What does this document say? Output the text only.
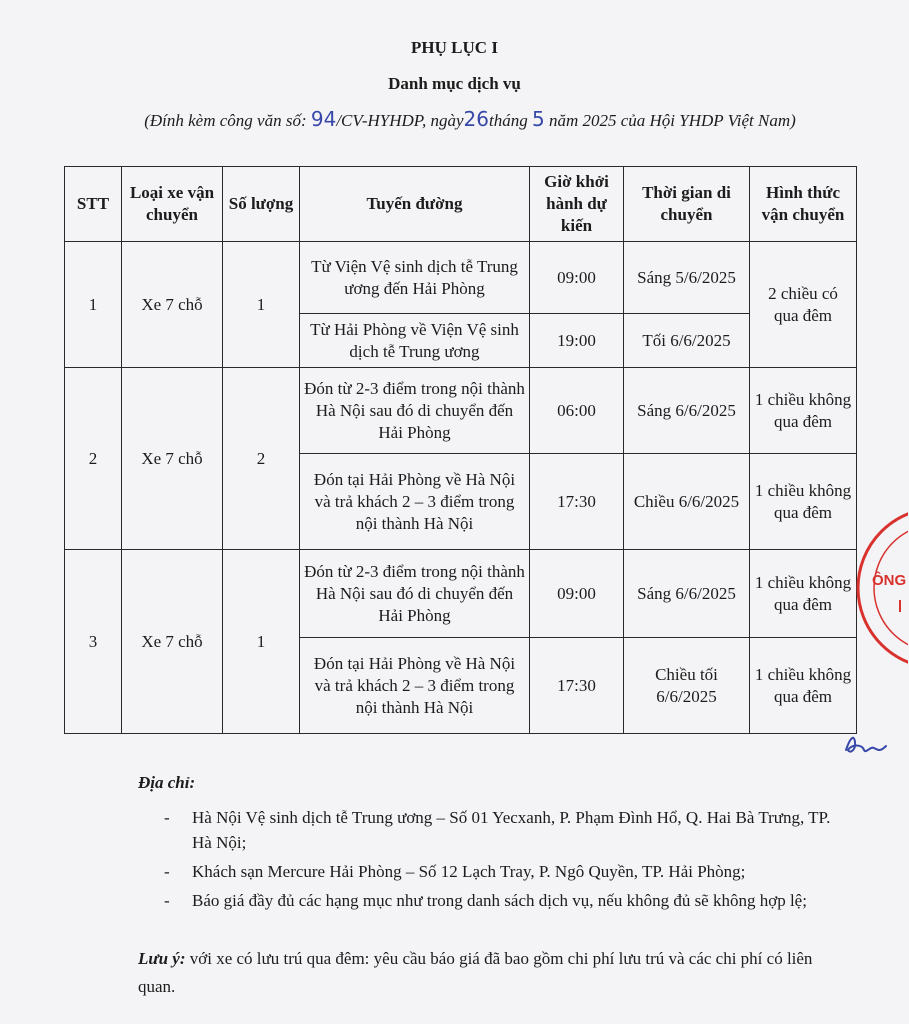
PHỤ LỤC I
Danh mục dịch vụ
(Đính kèm công văn số: 94/CV-HYHDP, ngày26tháng 5 năm 2025 của Hội YHDP Việt Nam)
STT	Loại xe vận chuyển	Số lượng	Tuyến đường	Giờ khởi hành dự kiến	Thời gian di chuyển	Hình thức vận chuyển
1	Xe 7 chỗ	1	Từ Viện Vệ sinh dịch tễ Trung ương đến Hải Phòng	09:00	Sáng 5/6/2025	2 chiều có qua đêm
			Từ Hải Phòng về Viện Vệ sinh dịch tễ Trung ương	19:00	Tối 6/6/2025	
2	Xe 7 chỗ	2	Đón từ 2-3 điểm trong nội thành Hà Nội sau đó di chuyển đến Hải Phòng	06:00	Sáng 6/6/2025	1 chiều không qua đêm
			Đón tại Hải Phòng về Hà Nội và trả khách 2 – 3 điểm trong nội thành Hà Nội	17:30	Chiều 6/6/2025	1 chiều không qua đêm
3	Xe 7 chỗ	1	Đón từ 2-3 điểm trong nội thành Hà Nội sau đó di chuyển đến Hải Phòng	09:00	Sáng 6/6/2025	1 chiều không qua đêm
			Đón tại Hải Phòng về Hà Nội và trả khách 2 – 3 điểm trong nội thành Hà Nội	17:30	Chiều tối 6/6/2025	1 chiều không qua đêm
ÔNG
Địa chỉ:
- Hà Nội Vệ sinh dịch tễ Trung ương – Số 01 Yecxanh, P. Phạm Đình Hổ, Q. Hai Bà Trưng, TP. Hà Nội;
- Khách sạn Mercure Hải Phòng – Số 12 Lạch Tray, P. Ngô Quyền, TP. Hải Phòng;
- Báo giá đầy đủ các hạng mục như trong danh sách dịch vụ, nếu không đủ sẽ không hợp lệ;
Lưu ý: với xe có lưu trú qua đêm: yêu cầu báo giá đã bao gồm chi phí lưu trú và các chi phí có liên quan.
